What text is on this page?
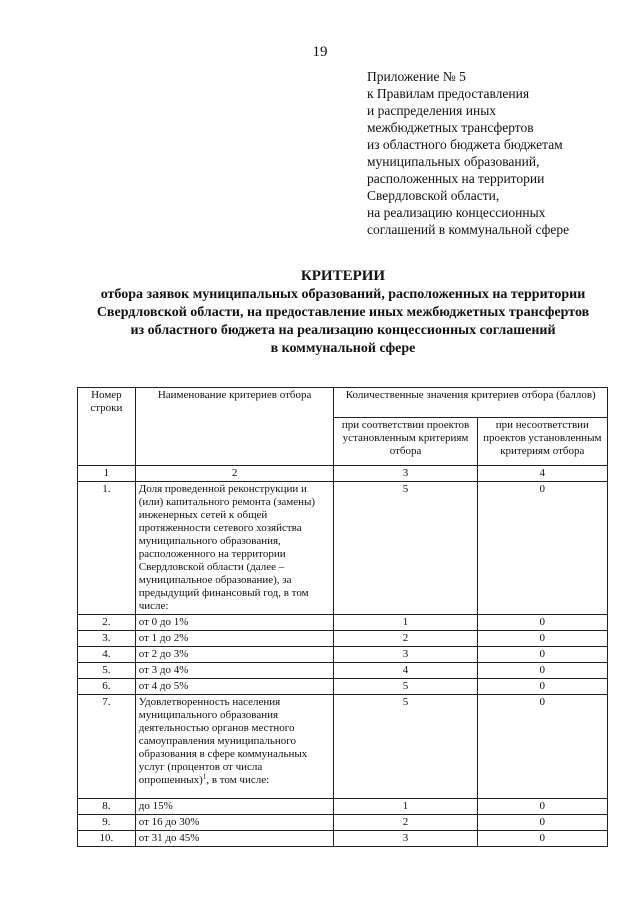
19
Приложение № 5
к Правилам предоставления
и распределения иных
межбюджетных трансфертов
из областного бюджета бюджетам
муниципальных образований,
расположенных на территории
Свердловской области,
на реализацию концессионных
соглашений в коммунальной сфере
КРИТЕРИИ
отбора заявок муниципальных образований, расположенных на территории
Свердловской области, на предоставление иных межбюджетных трансфертов
из областного бюджета на реализацию концессионных соглашений
в коммунальной сфере
Номер строки	Наименование критериев отбора	Количественные значения критериев отбора (баллов)	
		при соответствии проектов установленным критериям отбора	при несоответствии проектов установленным критериям отбора
1	2	3	4
1.	Доля проведенной реконструкции и (или) капитального ремонта (замены) инженерных сетей к общей протяженности сетевого хозяйства муниципального образования, расположенного на территории Свердловской области (далее – муниципальное образование), за предыдущий финансовый год, в том числе:	5	0
2.	от 0 до 1%	1	0
3.	от 1 до 2%	2	0
4.	от 2 до 3%	3	0
5.	от 3 до 4%	4	0
6.	от 4 до 5%	5	0
7.	Удовлетворенность населения муниципального образования деятельностью органов местного самоуправления муниципального образования в сфере коммунальных услуг (процентов от числа опрошенных)$^1$, в том числе:	5	0
8.	до 15%	1	0
9.	от 16 до 30%	2	0
10.	от 31 до 45%	3	0
